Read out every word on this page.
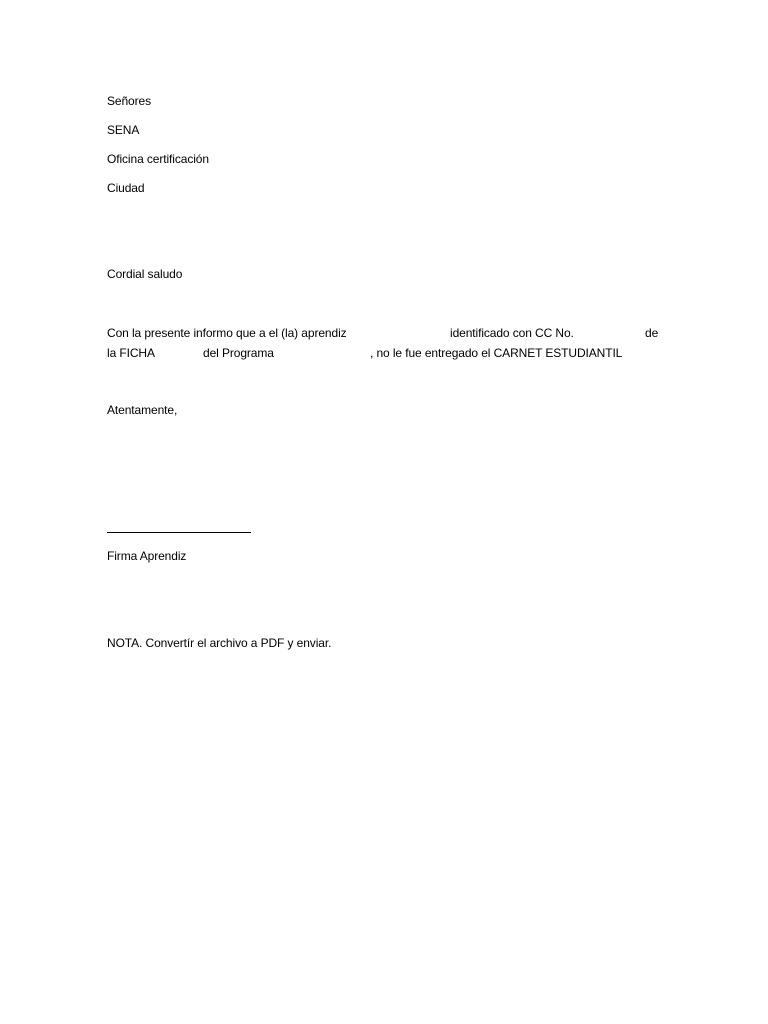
Señores
SENA
Oficina certificación
Ciudad
Cordial saludo
Con la presente informo que a el (la) aprendiz	identificado con CC No.	de
la FICHA	del Programa	, no le fue entregado el CARNET ESTUDIANTIL
Atentamente,
Firma Aprendiz
NOTA. Convertír el archivo a PDF y enviar.
